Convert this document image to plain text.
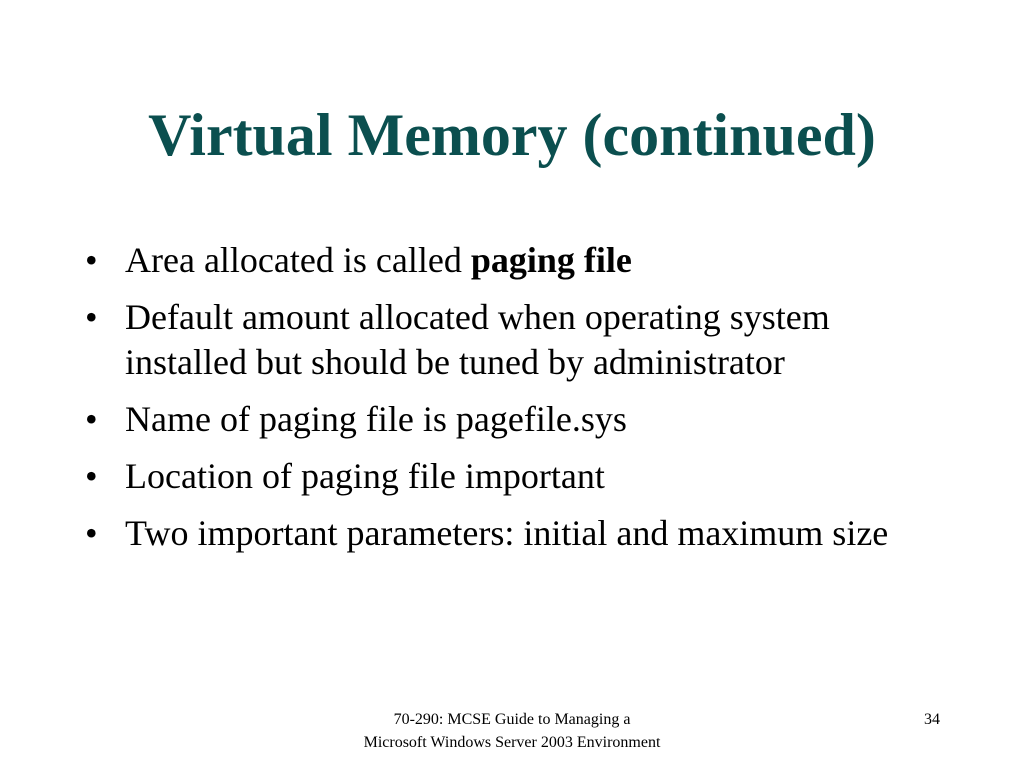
Virtual Memory (continued)
• Area allocated is called paging file
• Default amount allocated when operating system installed but should be tuned by administrator
• Name of paging file is pagefile.sys
• Location of paging file important
• Two important parameters: initial and maximum size
70-290: MCSE Guide to Managing a
Microsoft Windows Server 2003 Environment
34
